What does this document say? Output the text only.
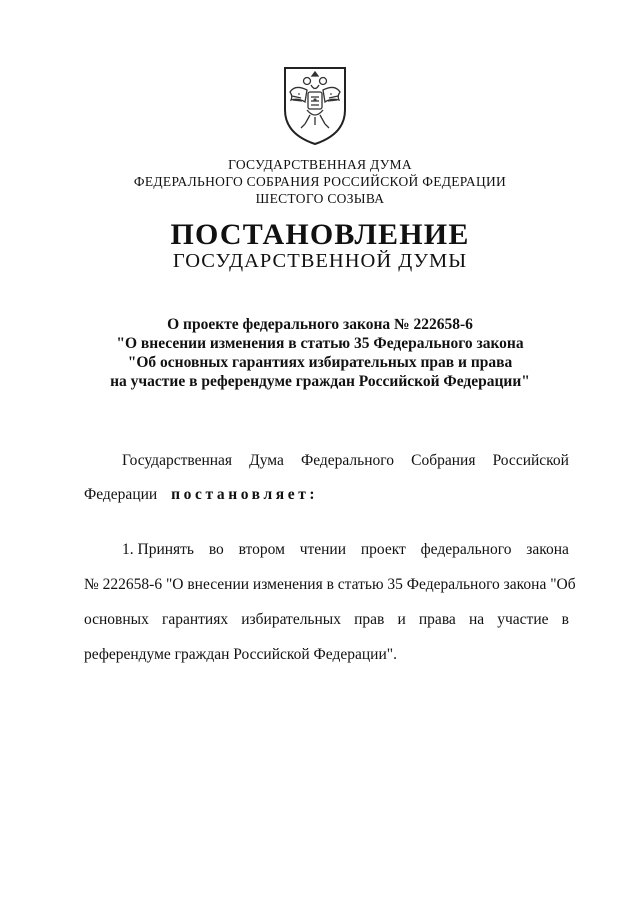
ГОСУДАРСТВЕННАЯ ДУМА
ФЕДЕРАЛЬНОГО СОБРАНИЯ РОССИЙСКОЙ ФЕДЕРАЦИИ
ШЕСТОГО СОЗЫВА
ПОСТАНОВЛЕНИЕ
ГОСУДАРСТВЕННОЙ ДУМЫ
О проекте федерального закона № 222658-6
"О внесении изменения в статью 35 Федерального закона
"Об основных гарантиях избирательных прав и права
на участие в референдуме граждан Российской Федерации"
Государственная Дума Федерального Собрания Российской
Федерации постановляет:
1. Принять во втором чтении проект федерального закона
№ 222658-6 "О внесении изменения в статью 35 Федерального закона "Об
основных гарантиях избирательных прав и права на участие в
референдуме граждан Российской Федерации".
